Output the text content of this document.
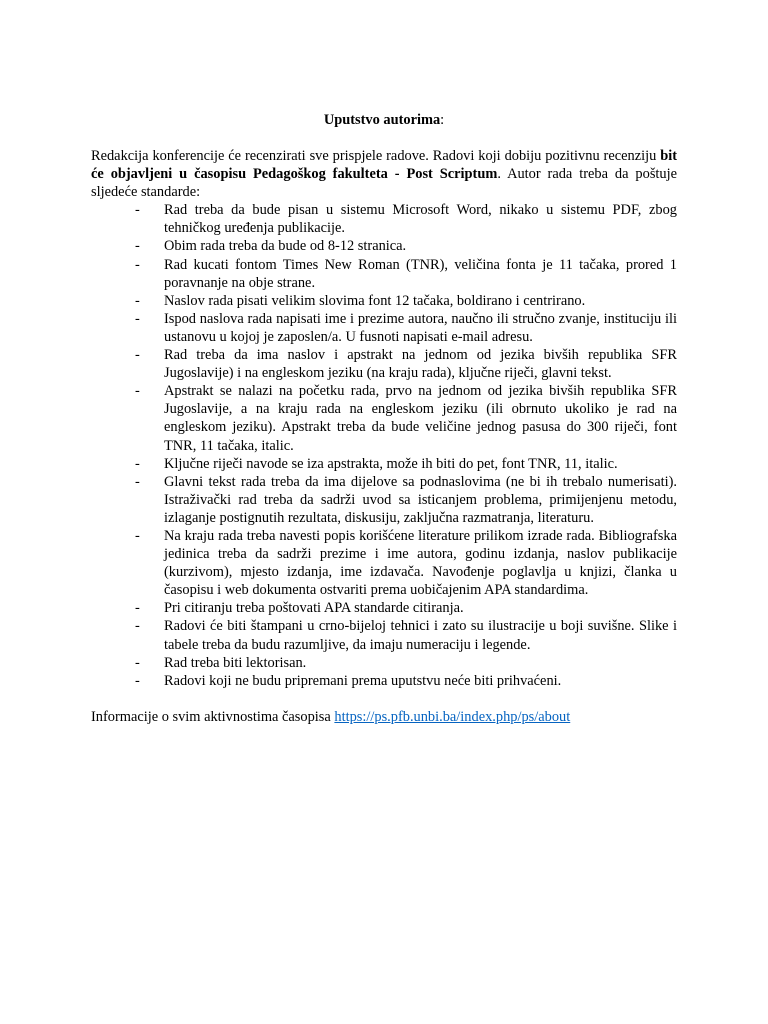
Uputstvo autorima:

Redakcija konferencije će recenzirati sve prispjele radove. Radovi koji dobiju pozitivnu recenziju bit će objavljeni u časopisu Pedagoškog fakulteta - Post Scriptum. Autor rada treba da poštuje sljedeće standarde:

- Rad treba da bude pisan u sistemu Microsoft Word, nikako u sistemu PDF, zbog tehničkog uređenja publikacije.
- Obim rada treba da bude od 8-12 stranica.
- Rad kucati fontom Times New Roman (TNR), veličina fonta je 11 tačaka, prored 1 poravnanje na obje strane.
- Naslov rada pisati velikim slovima font 12 tačaka, boldirano i centrirano.
- Ispod naslova rada napisati ime i prezime autora, naučno ili stručno zvanje, instituciju ili ustanovu u kojoj je zaposlen/a. U fusnoti napisati e-mail adresu.
- Rad treba da ima naslov i apstrakt na jednom od jezika bivših republika SFR Jugoslavije) i na engleskom jeziku (na kraju rada), ključne riječi, glavni tekst.
- Apstrakt se nalazi na početku rada, prvo na jednom od jezika bivših republika SFR Jugoslavije, a na kraju rada na engleskom jeziku (ili obrnuto ukoliko je rad na engleskom jeziku). Apstrakt treba da bude veličine jednog pasusa do 300 riječi, font TNR, 11 tačaka, italic.
- Ključne riječi navode se iza apstrakta, može ih biti do pet, font TNR, 11, italic.
- Glavni tekst rada treba da ima dijelove sa podnaslovima (ne bi ih trebalo numerisati). Istraživački rad treba da sadrži uvod sa isticanjem problema, primijenjenu metodu, izlaganje postignutih rezultata, diskusiju, zaključna razmatranja, literaturu.
- Na kraju rada treba navesti popis korišćene literature prilikom izrade rada. Bibliografska jedinica treba da sadrži prezime i ime autora, godinu izdanja, naslov publikacije (kurzivom), mjesto izdanja, ime izdavača. Navođenje poglavlja u knjizi, članka u časopisu i web dokumenta ostvariti prema uobičajenim APA standardima.
- Pri citiranju treba poštovati APA standarde citiranja.
- Radovi će biti štampani u crno-bijeloj tehnici i zato su ilustracije u boji suvišne. Slike i tabele treba da budu razumljive, da imaju numeraciju i legende.
- Rad treba biti lektorisan.
- Radovi koji ne budu pripremani prema uputstvu neće biti prihvaćeni.

Informacije o svim aktivnostima časopisa https://ps.pfb.unbi.ba/index.php/ps/about
